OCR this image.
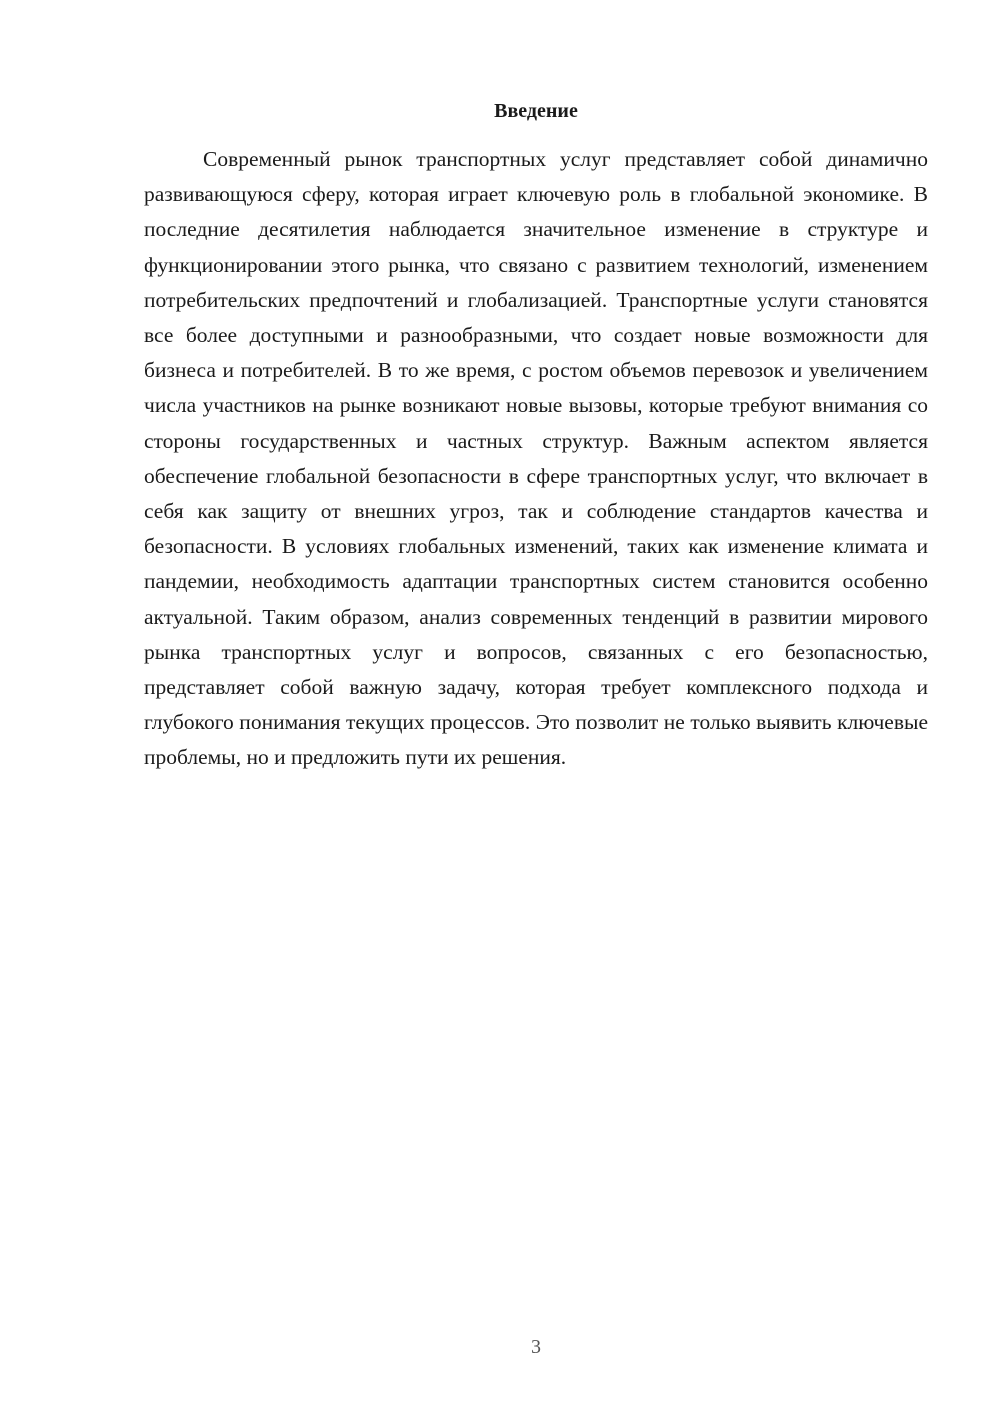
Введение

Современный рынок транспортных услуг представляет собой динамично развивающуюся сферу, которая играет ключевую роль в глобальной экономике. В последние десятилетия наблюдается значительное изменение в структуре и функционировании этого рынка, что связано с развитием технологий, изменением потребительских предпочтений и глобализацией. Транспортные услуги становятся все более доступными и разнообразными, что создает новые возможности для бизнеса и потребителей. В то же время, с ростом объемов перевозок и увеличением числа участников на рынке возникают новые вызовы, которые требуют внимания со стороны государственных и частных структур. Важным аспектом является обеспечение глобальной безопасности в сфере транспортных услуг, что включает в себя как защиту от внешних угроз, так и соблюдение стандартов качества и безопасности. В условиях глобальных изменений, таких как изменение климата и пандемии, необходимость адаптации транспортных систем становится особенно актуальной. Таким образом, анализ современных тенденций в развитии мирового рынка транспортных услуг и вопросов, связанных с его безопасностью, представляет собой важную задачу, которая требует комплексного подхода и глубокого понимания текущих процессов. Это позволит не только выявить ключевые проблемы, но и предложить пути их решения.

3
